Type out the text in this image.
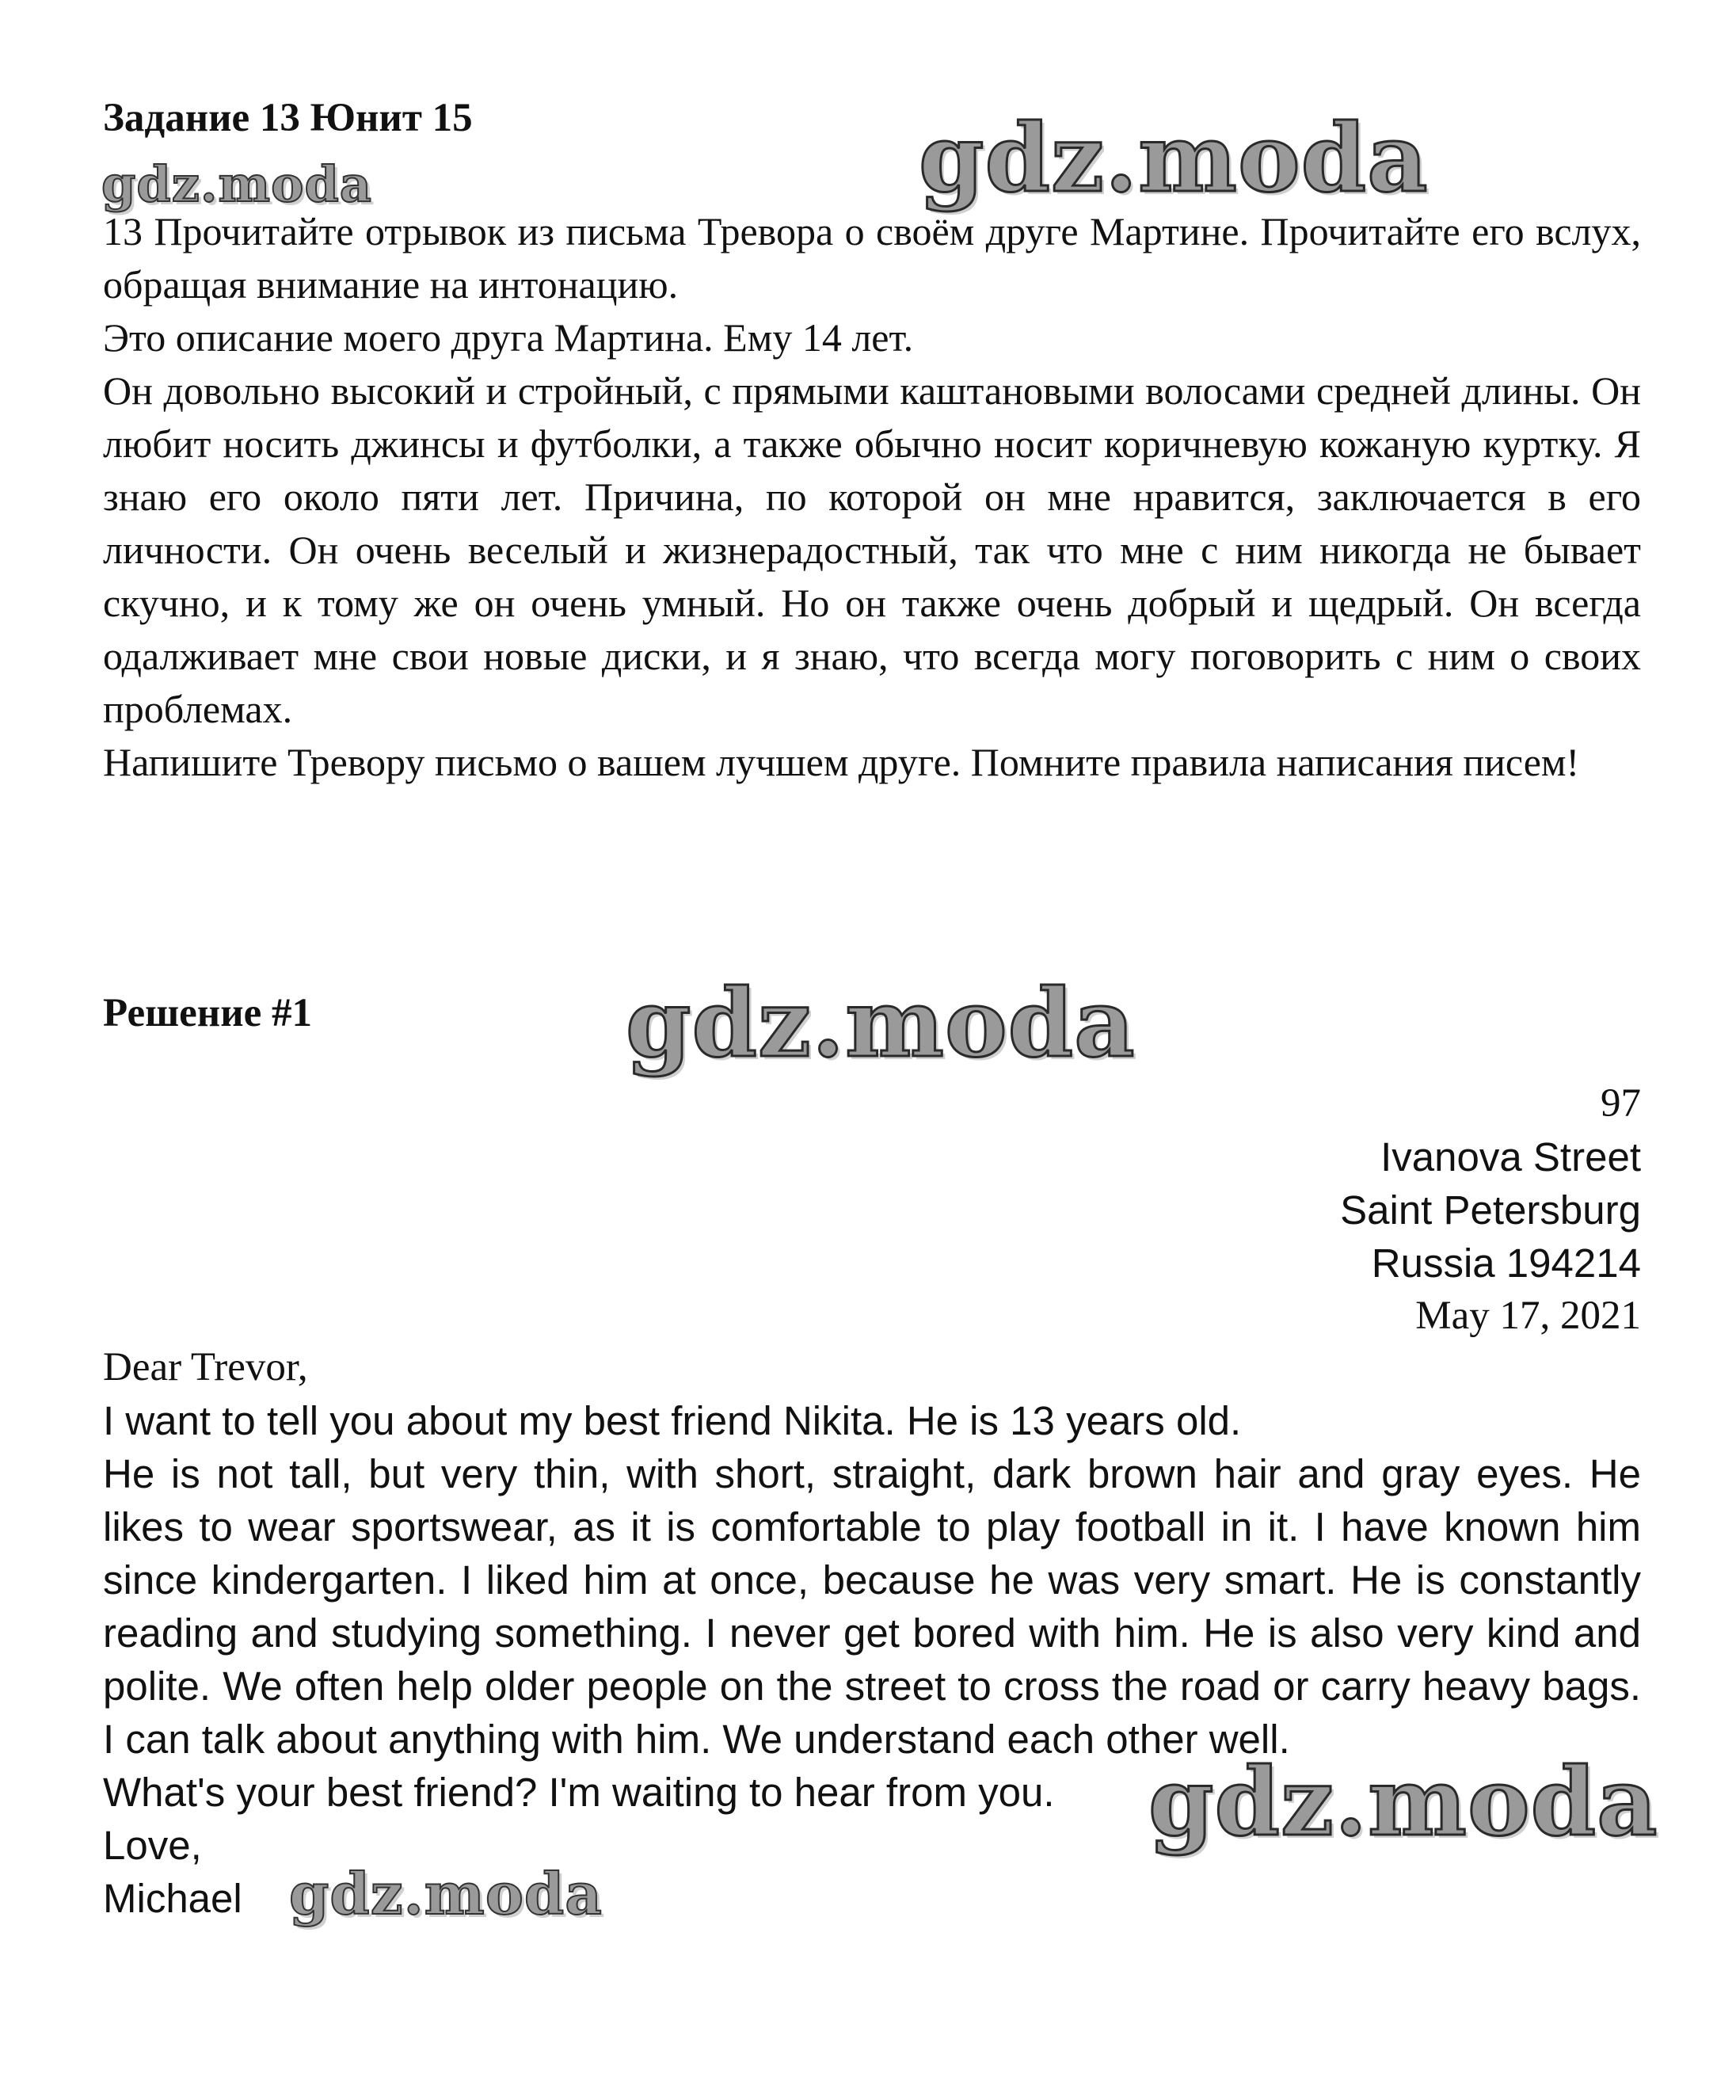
Задание 13 Юнит 15
gdz.moda	gdz.moda

13 Прочитайте отрывок из письма Тревора о своём друге Мартине. Прочитайте его вслух, обращая внимание на интонацию.

Это описание моего друга Мартина. Ему 14 лет.

Он довольно высокий и стройный, с прямыми каштановыми волосами средней длины. Он любит носить джинсы и футболки, а также обычно носит коричневую кожаную куртку. Я знаю его около пяти лет. Причина, по которой он мне нравится, заключается в его личности. Он очень веселый и жизнерадостный, так что мне с ним никогда не бывает скучно, и к тому же он очень умный. Но он также очень добрый и щедрый. Он всегда одалживает мне свои новые диски, и я знаю, что всегда могу поговорить с ним о своих проблемах.

Напишите Тревору письмо о вашем лучшем друге. Помните правила написания писем!

Решение #1	gdz.moda
97
Ivanova Street
Saint Petersburg
Russia 194214
May 17, 2021

Dear Trevor,

I want to tell you about my best friend Nikita. He is 13 years old.

He is not tall, but very thin, with short, straight, dark brown hair and gray eyes. He likes to wear sportswear, as it is comfortable to play football in it. I have known him since kindergarten. I liked him at once, because he was very smart. He is constantly reading and studying something. I never get bored with him. He is also very kind and polite. We often help older people on the street to cross the road or carry heavy bags. I can talk about anything with him. We understand each other well.

What's your best friend? I'm waiting to hear from you.

Love,

Michael

gdz.moda
gdz.moda
